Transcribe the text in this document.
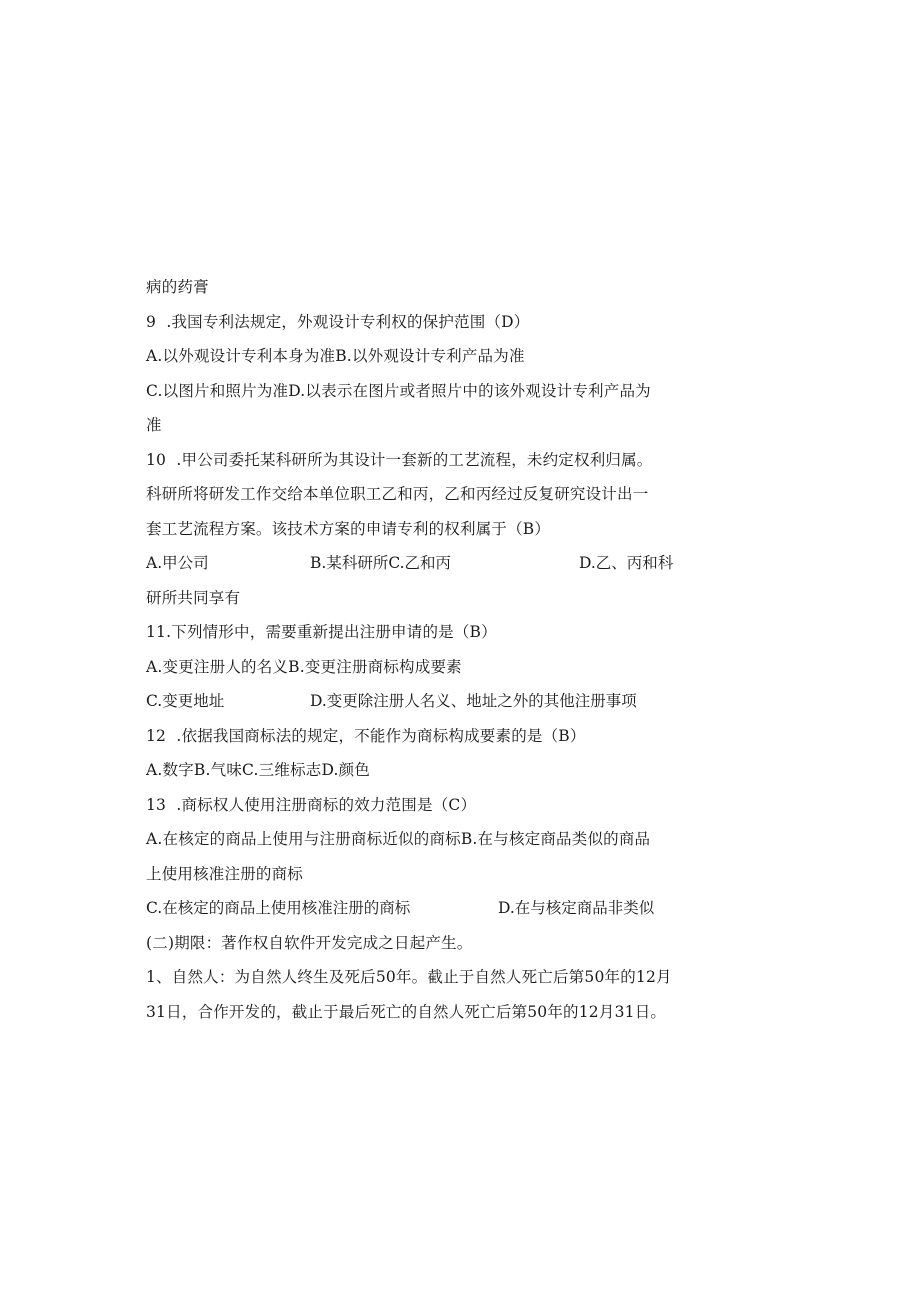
病的药膏
9  .我国专利法规定，外观设计专利权的保护范围（D）
A.以外观设计专利本身为准B.以外观设计专利产品为准
C.以图片和照片为准D.以表示在图片或者照片中的该外观设计专利产品为
准
10  .甲公司委托某科研所为其设计一套新的工艺流程，未约定权利归属。
科研所将研发工作交给本单位职工乙和丙，乙和丙经过反复研究设计出一
套工艺流程方案。该技术方案的申请专利的权利属于（B）

A.甲公司

	B.某科研所C.乙和丙

	D.乙、丙和科

研所共同享有
11.下列情形中，需要重新提出注册申请的是（B）
A.变更注册人的名义B.变更注册商标构成要素

C.变更地址

	D.变更除注册人名义、地址之外的其他注册事项

12  .依据我国商标法的规定，不能作为商标构成要素的是（B）
A.数字B.气味C.三维标志D.颜色
13  .商标权人使用注册商标的效力范围是（C）
A.在核定的商品上使用与注册商标近似的商标B.在与核定商品类似的商品
上使用核准注册的商标

C.在核定的商品上使用核准注册的商标

	D.在与核定商品非类似

(二)期限：著作权自软件开发完成之日起产生。
1、自然人：为自然人终生及死后50年。截止于自然人死亡后第50年的12月
31日，合作开发的，截止于最后死亡的自然人死亡后第50年的12月31日。
